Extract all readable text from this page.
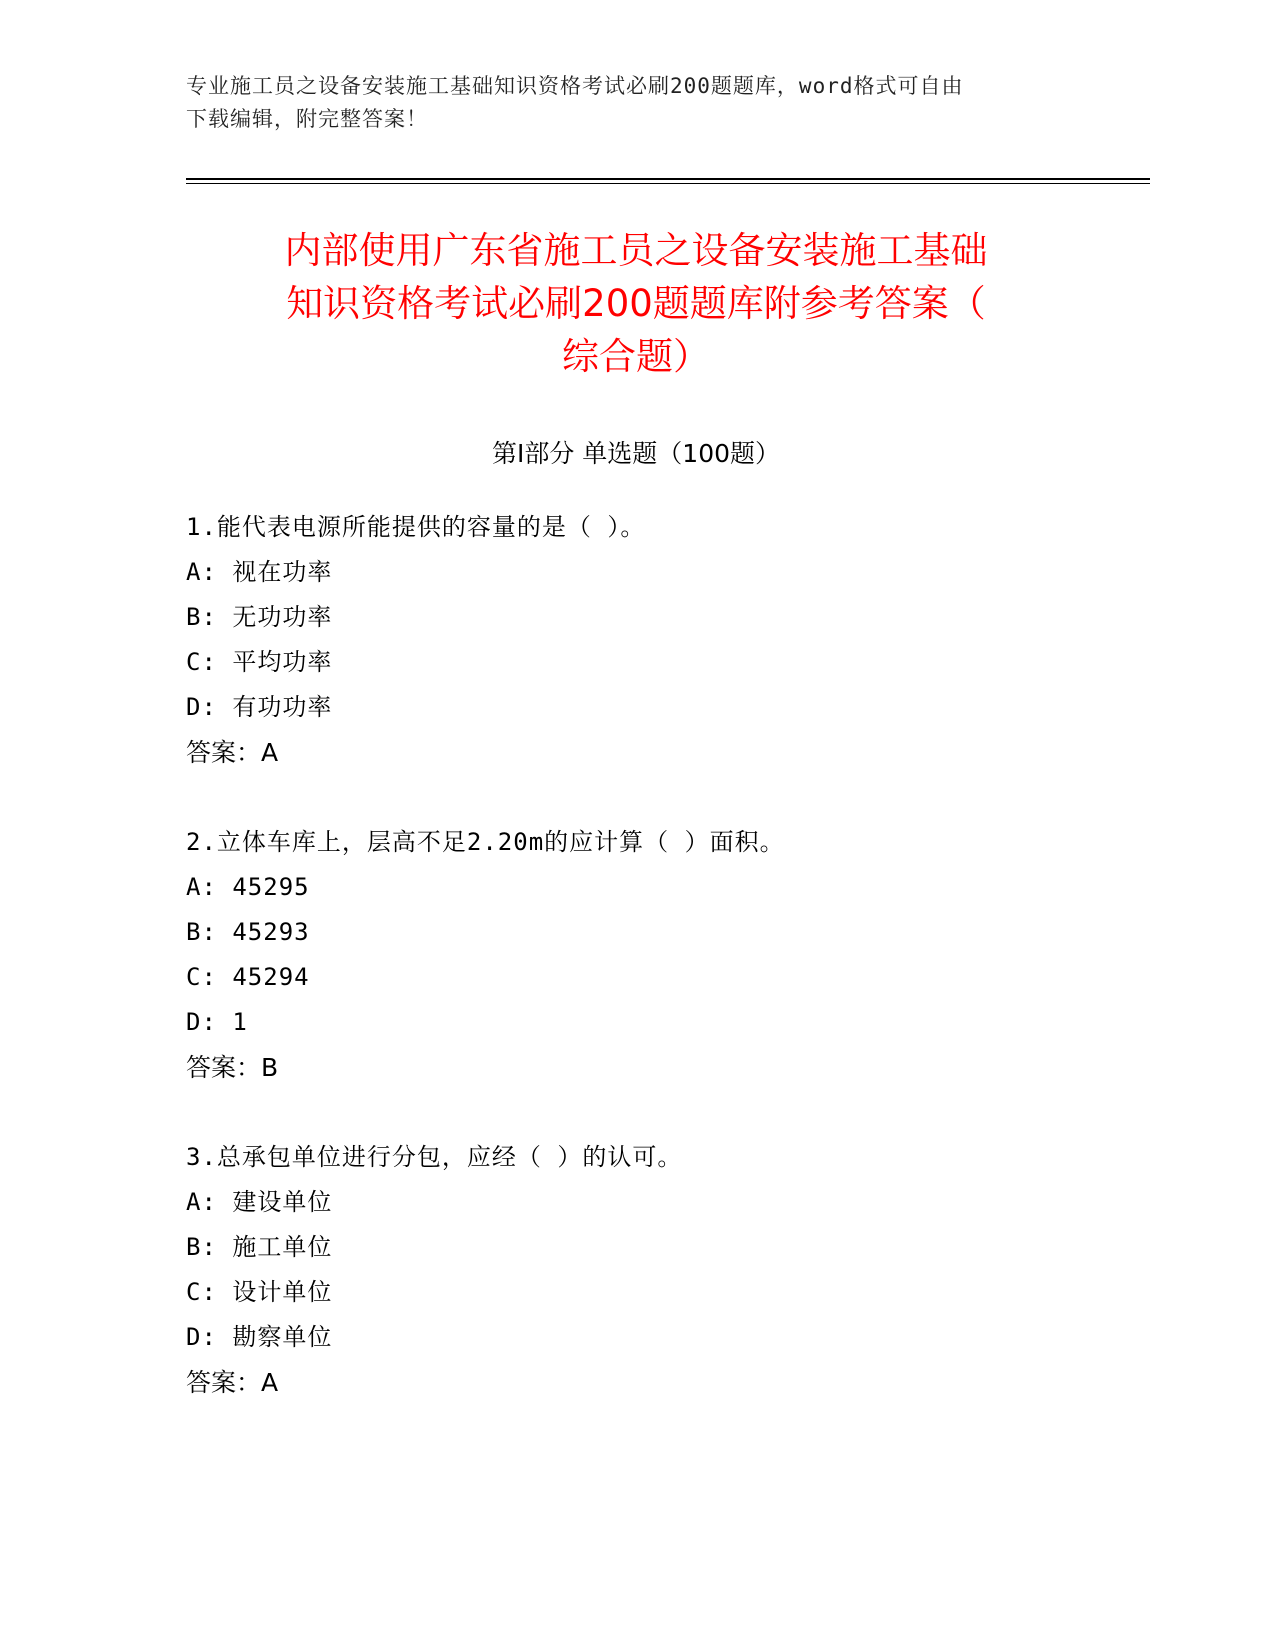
专业施工员之设备安装施工基础知识资格考试必刷200题题库，word格式可自由
下载编辑，附完整答案！
内部使用广东省施工员之设备安装施工基础
知识资格考试必刷200题题库附参考答案（
综合题）
第I部分 单选题（100题）
1.能代表电源所能提供的容量的是（ ）。
A: 视在功率
B: 无功功率
C: 平均功率
D: 有功功率
答案：A
2.立体车库上，层高不足2.20m的应计算（ ）面积。
A: 45295
B: 45293
C: 45294
D: 1
答案：B
3.总承包单位进行分包，应经（ ）的认可。
A: 建设单位
B: 施工单位
C: 设计单位
D: 勘察单位
答案：A
